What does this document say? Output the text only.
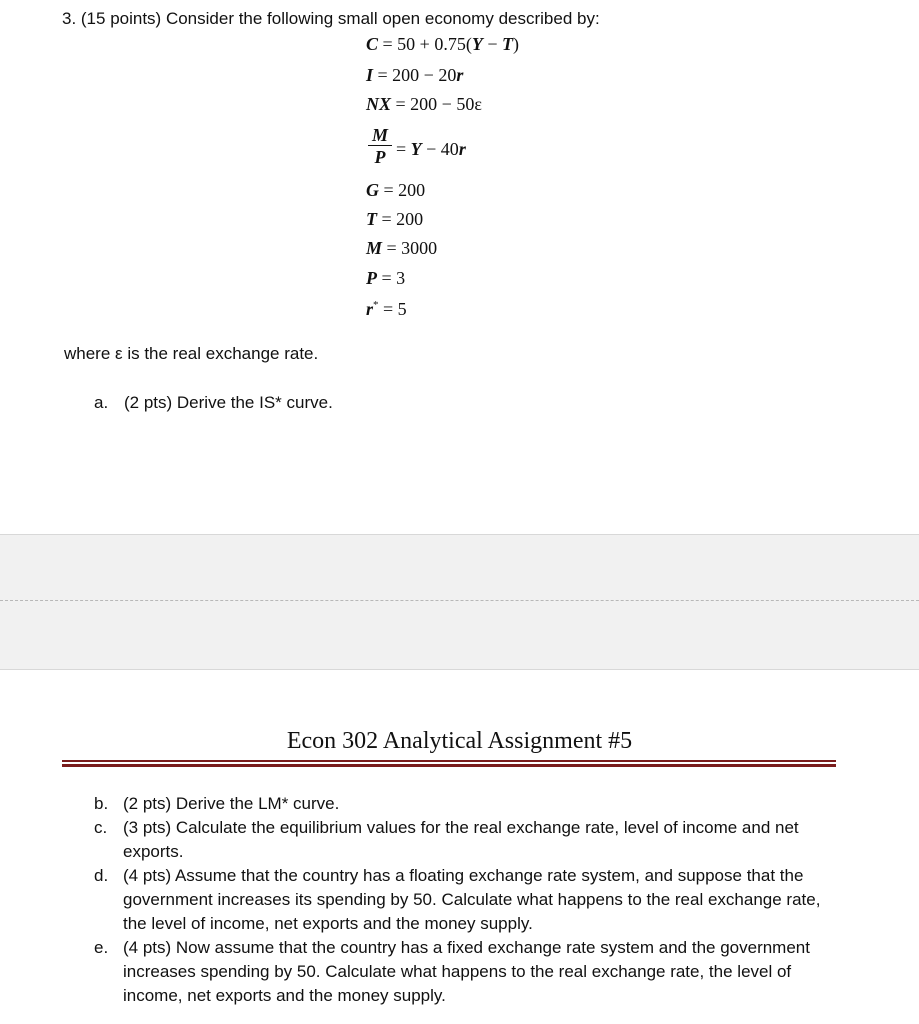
3. (15 points) Consider the following small open economy described by:
C = 50 + 0.75(Y − T)
I = 200 − 20r
NX = 200 − 50ε
M
P = Y − 40r
G = 200
T = 200
M = 3000
P = 3
r* = 5
where ε is the real exchange rate.
a. (2 pts) Derive the IS* curve.
Econ 302 Analytical Assignment #5
b. (2 pts) Derive the LM* curve.
c. (3 pts) Calculate the equilibrium values for the real exchange rate, level of income and net exports.
d. (4 pts) Assume that the country has a floating exchange rate system, and suppose that the government increases its spending by 50. Calculate what happens to the real exchange rate, the level of income, net exports and the money supply.
e. (4 pts) Now assume that the country has a fixed exchange rate system and the government increases spending by 50. Calculate what happens to the real exchange rate, the level of income, net exports and the money supply.
